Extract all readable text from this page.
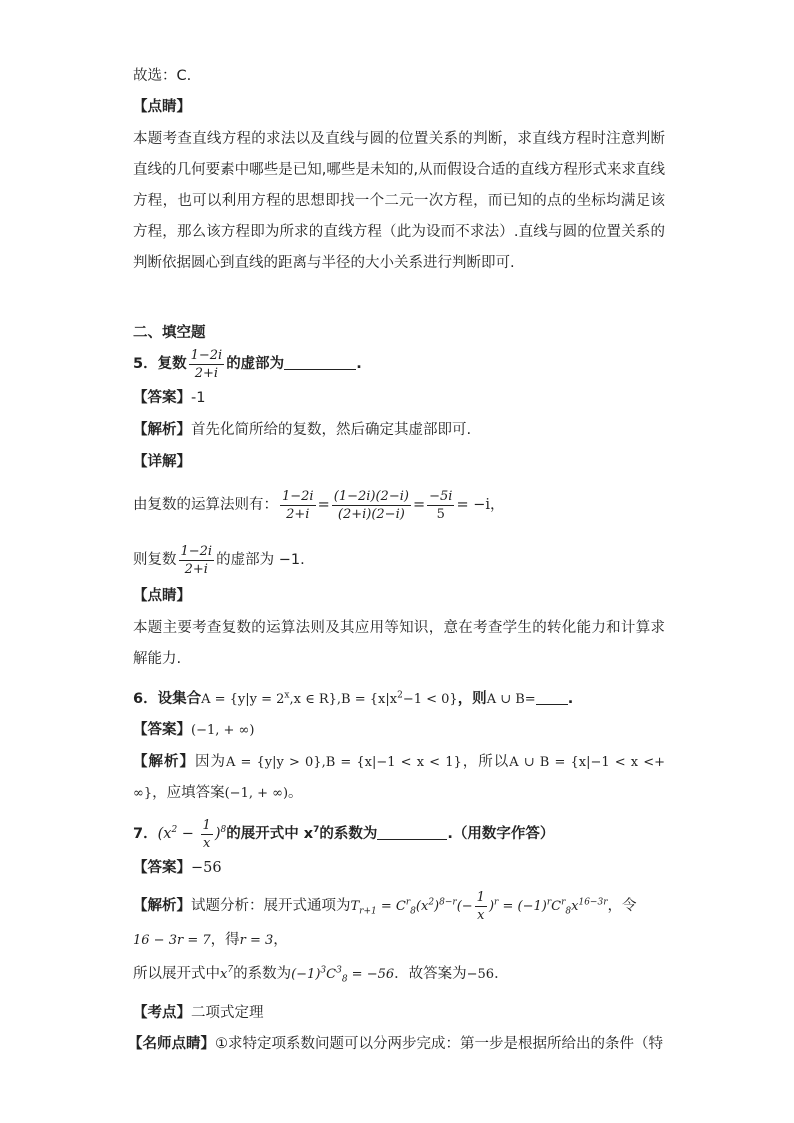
故选：C.
【点睛】
本题考查直线方程的求法以及直线与圆的位置关系的判断，求直线方程时注意判断直线的几何要素中哪些是已知,哪些是未知的,从而假设合适的直线方程形式来求直线方程，也可以利用方程的思想即找一个二元一次方程，而已知的点的坐标均满足该方程，那么该方程即为所求的直线方程（此为设而不求法）.直线与圆的位置关系的判断依据圆心到直线的距离与半径的大小关系进行判断即可.
二、填空题
5．复数 $\frac{1-2i}{2+i}$ 的虚部为	.
【答案】-1
【解析】首先化简所给的复数，然后确定其虚部即可.
【详解】
由复数的运算法则有： $\frac{1-2i}{2+i} = \frac{(1-2i)(2-i)}{(2+i)(2-i)} = \frac{-5i}{5} = -i$，
则复数 $\frac{1-2i}{2+i}$ 的虚部为 −1.
【点睛】
本题主要考查复数的运算法则及其应用等知识，意在考查学生的转化能力和计算求解能力.
6．设集合$A = \{y|y = 2^x,x$ ∈ $R\},B = \{x|x^2-1 < 0\}$，则A ∪ B= .
【答案】(−1, + ∞)
【解析】因为A = {y|y > 0},B = {x|−1 < x < 1}，所以A ∪ B = {x|−1 < x <+ ∞}，应填答案(−1, + ∞)。
7．$(x^2 - \frac{1}{x} )^8$的展开式中 $x^7$的系数为	.（用数字作答）
【答案】−56
【解析】试题分析：展开式通项为$T_{r+1} = C^r_8(x^2)^{8-r}(- \frac{1}{x} )^r = (-1)^rC^r_8x^{16-3r}$，令
16 − 3r = 7，得r = 3，
所以展开式中$x^7$的系数为$(-1)^3C^3_8 = -56$．故答案为−56．
【考点】二项式定理
【名师点睛】①求特定项系数问题可以分两步完成：第一步是根据所给出的条件（特
